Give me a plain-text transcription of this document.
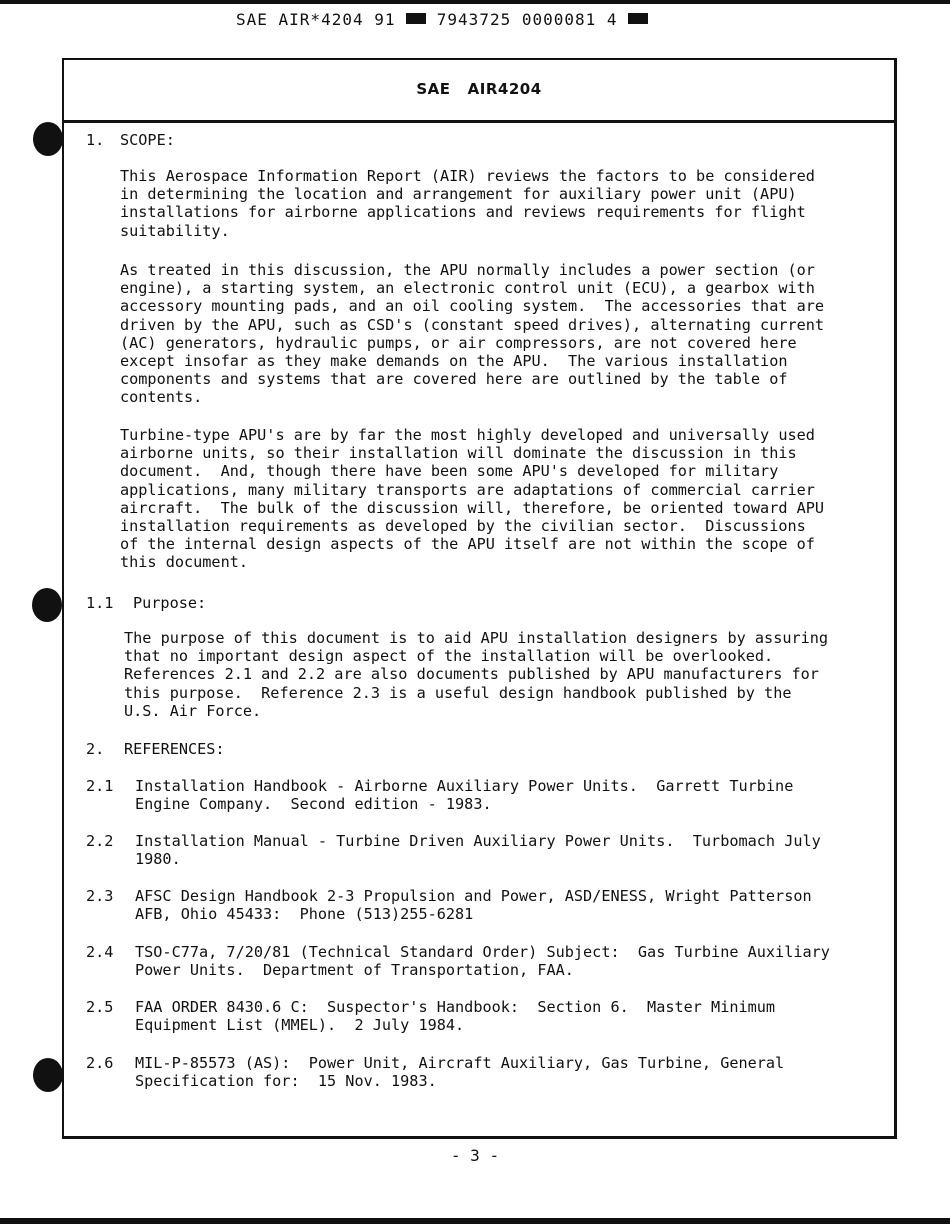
SAE AIR*4204 91	7943725 0000081 4
SAE   AIR4204
1. SCOPE:
This Aerospace Information Report (AIR) reviews the factors to be considered
in determining the location and arrangement for auxiliary power unit (APU)
installations for airborne applications and reviews requirements for flight
suitability.
As treated in this discussion, the APU normally includes a power section (or
engine), a starting system, an electronic control unit (ECU), a gearbox with
accessory mounting pads, and an oil cooling system.  The accessories that are
driven by the APU, such as CSD's (constant speed drives), alternating current
(AC) generators, hydraulic pumps, or air compressors, are not covered here
except insofar as they make demands on the APU.  The various installation
components and systems that are covered here are outlined by the table of
contents.
Turbine-type APU's are by far the most highly developed and universally used
airborne units, so their installation will dominate the discussion in this
document.  And, though there have been some APU's developed for military
applications, many military transports are adaptations of commercial carrier
aircraft.  The bulk of the discussion will, therefore, be oriented toward APU
installation requirements as developed by the civilian sector.  Discussions
of the internal design aspects of the APU itself are not within the scope of
this document.
1.1 Purpose:
The purpose of this document is to aid APU installation designers by assuring
that no important design aspect of the installation will be overlooked.
References 2.1 and 2.2 are also documents published by APU manufacturers for
this purpose.  Reference 2.3 is a useful design handbook published by the
U.S. Air Force.
2. REFERENCES:
2.1 Installation Handbook - Airborne Auxiliary Power Units.  Garrett Turbine
Engine Company.  Second edition - 1983.
2.2 Installation Manual - Turbine Driven Auxiliary Power Units.  Turbomach July
1980.
2.3 AFSC Design Handbook 2-3 Propulsion and Power, ASD/ENESS, Wright Patterson
AFB, Ohio 45433:  Phone (513)255-6281
2.4 TSO-C77a, 7/20/81 (Technical Standard Order) Subject:  Gas Turbine Auxiliary
Power Units.  Department of Transportation, FAA.
2.5 FAA ORDER 8430.6 C:  Suspector's Handbook:  Section 6.  Master Minimum
Equipment List (MMEL).  2 July 1984.
2.6 MIL-P-85573 (AS):  Power Unit, Aircraft Auxiliary, Gas Turbine, General
Specification for:  15 Nov. 1983.
- 3 -
